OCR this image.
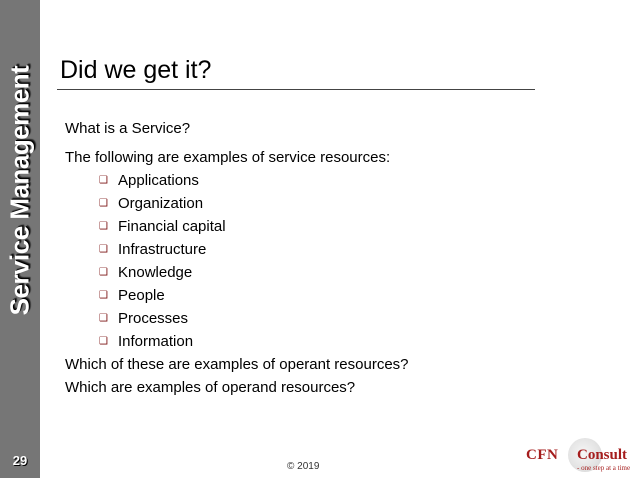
Service Management
29
Did we get it?
What is a Service?
The following are examples of service resources:
❑ Applications
❑ Organization
❑ Financial capital
❑ Infrastructure
❑ Knowledge
❑ People
❑ Processes
❑ Information
Which of these are examples of operant resources?
Which are examples of operand resources?
© 2019
CFN Consult
- one step at a time
